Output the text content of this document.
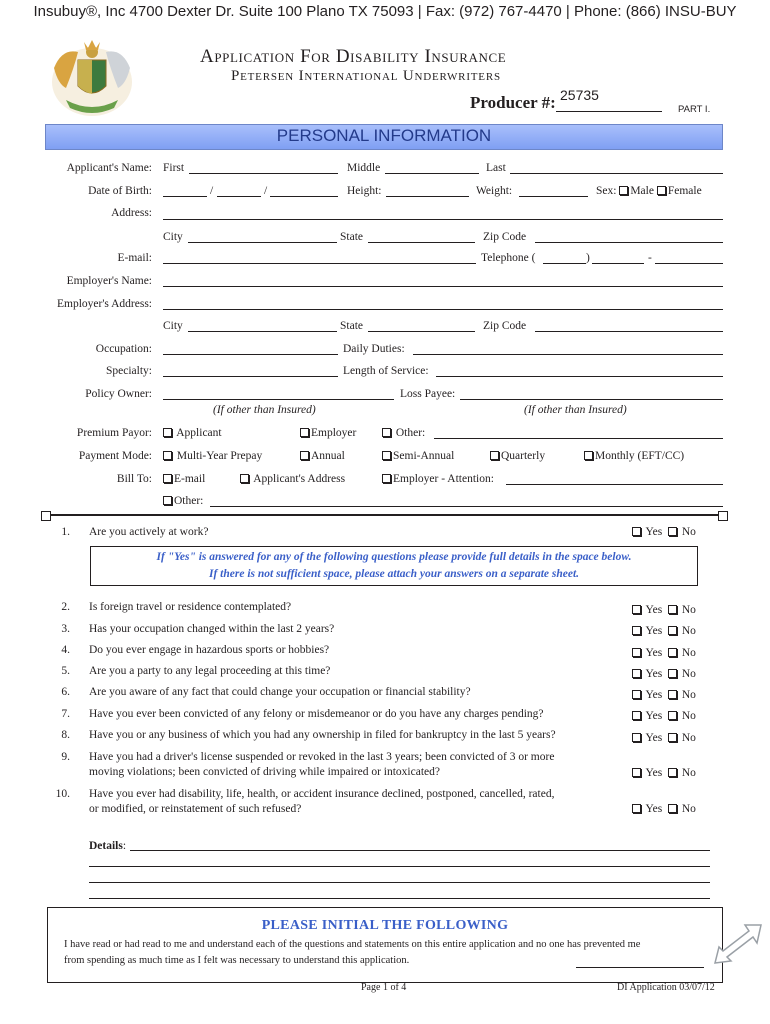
Insubuy®, Inc 4700 Dexter Dr. Suite 100 Plano TX 75093 | Fax: (972) 767-4470 | Phone: (866) INSU-BUY
Application For Disability Insurance
Petersen International Underwriters
Producer #: 25735
PART I.
PERSONAL INFORMATION
Applicant's Name: First	Middle	Last
Date of Birth:	/	/	Height:	Weight:	Sex: Male Female
Address:
City	State	Zip Code
E-mail:	Telephone (	)	-
Employer's Name:
Employer's Address:
City	State	Zip Code
Occupation:	Daily Duties:
Specialty:	Length of Service:
Policy Owner:	Loss Payee:
(If other than Insured)	(If other than Insured)
Premium Payor:	Applicant	Employer	Other:
Payment Mode:	Multi-Year Prepay	Annual	Semi-Annual	Quarterly	Monthly (EFT/CC)
Bill To:	E-mail	Applicant's Address	Employer - Attention:
Other:
1. Are you actively at work?	Yes No
If "Yes" is answered for any of the following questions please provide full details in the space below.
If there is not sufficient space, please attach your answers on a separate sheet.
2. Is foreign travel or residence contemplated?	Yes No
3. Has your occupation changed within the last 2 years?	Yes No
4. Do you ever engage in hazardous sports or hobbies?	Yes No
5. Are you a party to any legal proceeding at this time?	Yes No
6. Are you aware of any fact that could change your occupation or financial stability?	Yes No
7. Have you ever been convicted of any felony or misdemeanor or do you have any charges pending?	Yes No
8. Have you or any business of which you had any ownership in filed for bankruptcy in the last 5 years?	Yes No
9. Have you had a driver's license suspended or revoked in the last 3 years; been convicted of 3 or more
moving violations; been convicted of driving while impaired or intoxicated?	Yes No
10. Have you ever had disability, life, health, or accident insurance declined, postponed, cancelled, rated,
or modified, or reinstatement of such refused?	Yes No
Details:
PLEASE INITIAL THE FOLLOWING
I have read or had read to me and understand each of the questions and statements on this entire application and no one has prevented me
from spending as much time as I felt was necessary to understand this application.
Page 1 of 4	DI Application 03/07/12
